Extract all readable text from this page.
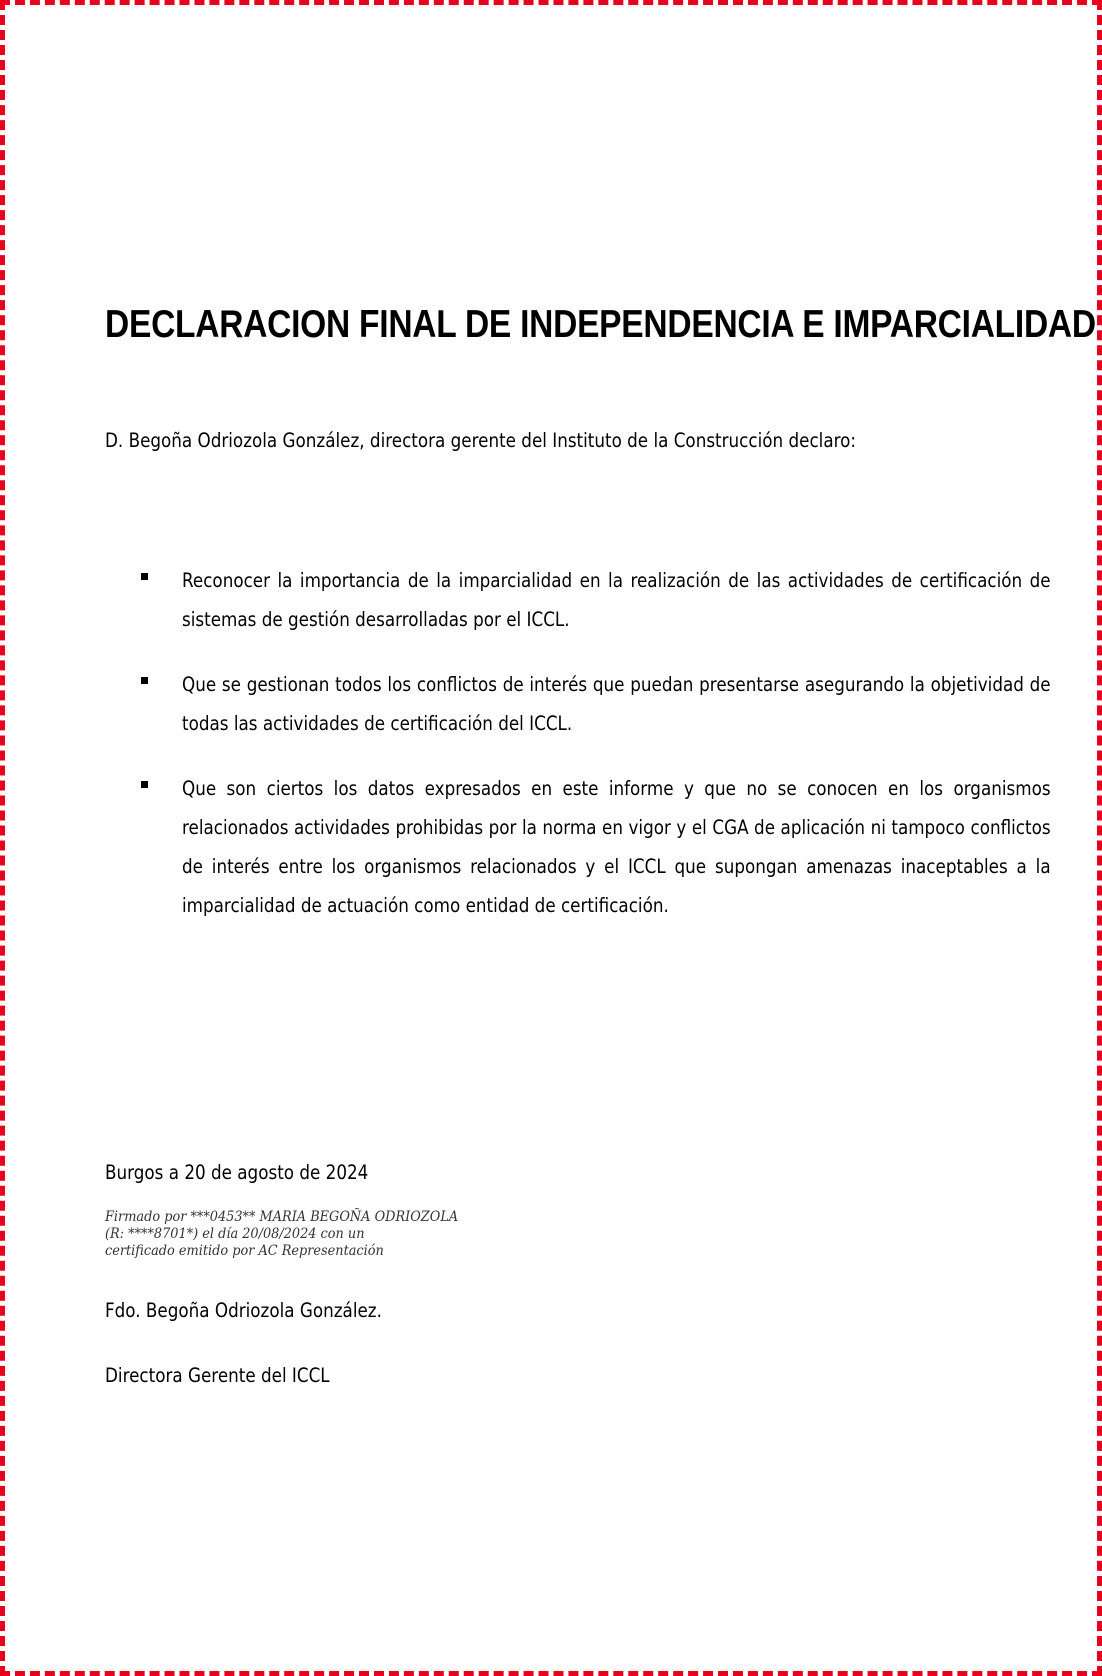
DECLARACION FINAL DE INDEPENDENCIA E IMPARCIALIDAD
D. Begoña Odriozola González, directora gerente del Instituto de la Construcción declaro:
Reconocer la importancia de la imparcialidad en la realización de las actividades de certificación de sistemas de gestión desarrolladas por el ICCL.
Que se gestionan todos los conflictos de interés que puedan presentarse asegurando la objetividad de todas las actividades de certificación del ICCL.
Que son ciertos los datos expresados en este informe y que no se conocen en los organismos relacionados actividades prohibidas por la norma en vigor y el CGA de aplicación ni tampoco conflictos de interés entre los organismos relacionados y el ICCL que supongan amenazas inaceptables a la imparcialidad de actuación como entidad de certificación.
Burgos a 20 de agosto de 2024
Firmado por ***0453** MARIA BEGOÑA ODRIOZOLA
(R: ****8701*) el día 20/08/2024 con un
certificado emitido por AC Representación
Fdo. Begoña Odriozola González.
Directora Gerente del ICCL
